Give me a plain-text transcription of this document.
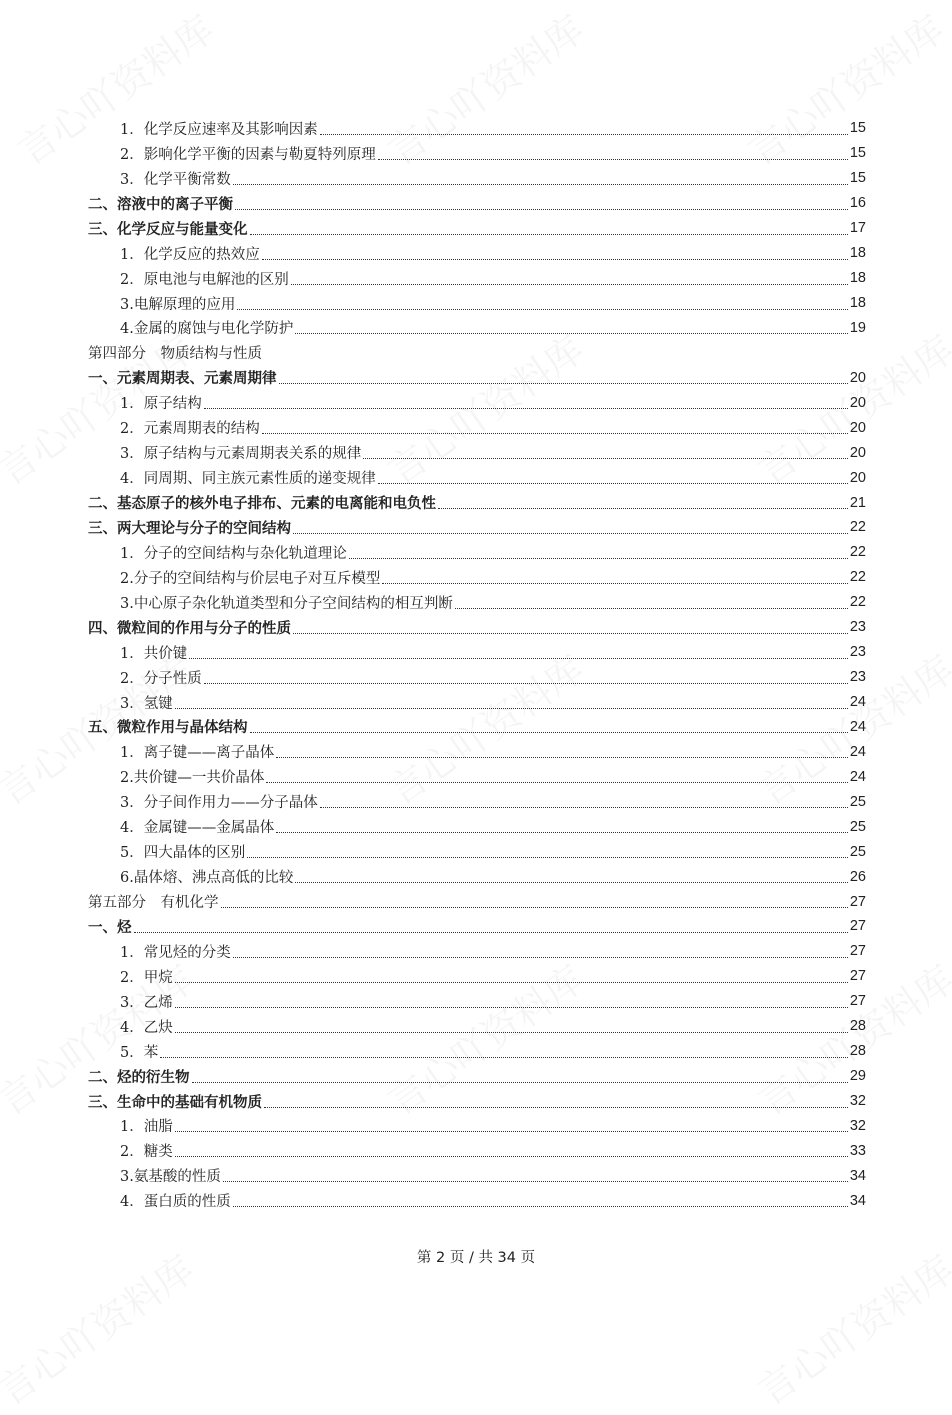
1．化学反应速率及其影响因素	15
2．影响化学平衡的因素与勒夏特列原理	15
3．化学平衡常数	15
二、溶液中的离子平衡	16
三、化学反应与能量变化	17
1．化学反应的热效应	18
2．原电池与电解池的区别	18
3.电解原理的应用	18
4.金属的腐蚀与电化学防护	19
第四部分　物质结构与性质
一、元素周期表、元素周期律	20
1．原子结构	20
2．元素周期表的结构	20
3．原子结构与元素周期表关系的规律	20
4．同周期、同主族元素性质的递变规律	20
二、基态原子的核外电子排布、元素的电离能和电负性	21
三、两大理论与分子的空间结构	22
1．分子的空间结构与杂化轨道理论	22
2.分子的空间结构与价层电子对互斥模型	22
3.中心原子杂化轨道类型和分子空间结构的相互判断	22
四、微粒间的作用与分子的性质	23
1．共价键	23
2．分子性质	23
3．氢键	24
五、微粒作用与晶体结构	24
1．离子键——离子晶体	24
2.共价键—一共价晶体	24
3．分子间作用力——分子晶体	25
4．金属键——金属晶体	25
5．四大晶体的区别	25
6.晶体熔、沸点高低的比较	26
第五部分　有机化学	27
一、烃	27
1．常见烃的分类	27
2．甲烷	27
3．乙烯	27
4．乙炔	28
5．苯	28
二、烃的衍生物	29
三、生命中的基础有机物质	32
1．油脂	32
2．糖类	33
3.氨基酸的性质	34
4．蛋白质的性质	34
第 2 页 / 共 34 页
